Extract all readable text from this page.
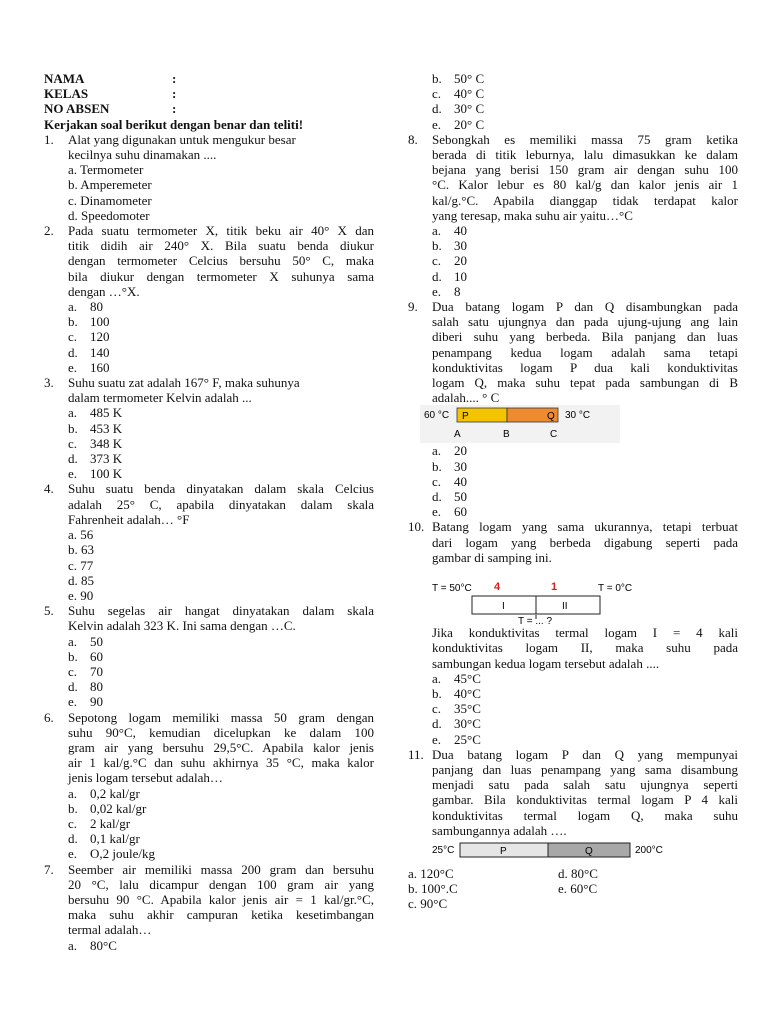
NAMA	:
KELAS	:
NO ABSEN	:
Kerjakan soal berikut dengan benar dan teliti!
1. Alat yang digunakan untuk mengukur besar
kecilnya suhu dinamakan ....
a. Termometer
b. Amperemeter
c. Dinamometer
d. Speedomoter
2. Pada suatu termometer X, titik beku air 40° X dan
titik didih air 240° X. Bila suatu benda diukur
dengan termometer Celcius bersuhu 50° C, maka
bila diukur dengan termometer X suhunya sama
dengan …°X.
a. 80
b. 100
c. 120
d. 140
e. 160
3. Suhu suatu zat adalah 167° F, maka suhunya
dalam termometer Kelvin adalah ...
a. 485 K
b. 453 K
c. 348 K
d. 373 K
e. 100 K
4. Suhu suatu benda dinyatakan dalam skala Celcius
adalah 25° C, apabila dinyatakan dalam skala
Fahrenheit adalah… °F
a. 56
b. 63
c. 77
d. 85
e. 90
5. Suhu segelas air hangat dinyatakan dalam skala
Kelvin adalah 323 K. Ini sama dengan …C.
a. 50
b. 60
c. 70
d. 80
e. 90
6. Sepotong logam memiliki massa 50 gram dengan
suhu 90°C, kemudian dicelupkan ke dalam 100
gram air yang bersuhu 29,5°C. Apabila kalor jenis
air 1 kal/g.°C dan suhu akhirnya 35 °C, maka kalor
jenis logam tersebut adalah…
a. 0,2 kal/gr
b. 0,02 kal/gr
c. 2 kal/gr
d. 0,1 kal/gr
e. O,2 joule/kg
7. Seember air memiliki massa 200 gram dan bersuhu
20 °C, lalu dicampur dengan 100 gram air yang
bersuhu 90 °C. Apabila kalor jenis air = 1 kal/gr.°C,
maka suhu akhir campuran ketika kesetimbangan
termal adalah…
a. 80°C
b. 50° C
c. 40° C
d. 30° C
e. 20° C
8. Sebongkah es memiliki massa 75 gram ketika
berada di titik leburnya, lalu dimasukkan ke dalam
bejana yang berisi 150 gram air dengan suhu 100
°C. Kalor lebur es 80 kal/g dan kalor jenis air 1
kal/g.°C. Apabila dianggap tidak terdapat kalor
yang teresap, maka suhu air yaitu…°C
a. 40
b. 30
c. 20
d. 10
e. 8
9. Dua batang logam P dan Q disambungkan pada
salah satu ujungnya dan pada ujung-ujung ang lain
diberi suhu yang berbeda. Bila panjang dan luas
penampang kedua logam adalah sama tetapi
konduktivitas logam P dua kali konduktivitas
logam Q, maka suhu tepat pada sambungan di B
adalah.... ° C
60 °C P	Q 30 °C
A	B	C
a. 20
b. 30
c. 40
d. 50
e. 60
10. Batang logam yang sama ukurannya, tetapi terbuat
dari logam yang berbeda digabung seperti pada
gambar di samping ini.
T = 50°C 4	1	T = 0°C
I	II
T = ... ?
Jika konduktivitas termal logam I = 4 kali
konduktivitas logam II, maka suhu pada
sambungan kedua logam tersebut adalah ....
a. 45°C
b. 40°C
c. 35°C
d. 30°C
e. 25°C
11. Dua batang logam P dan Q yang mempunyai
panjang dan luas penampang yang sama disambung
menjadi satu pada salah satu ujungnya seperti
gambar. Bila konduktivitas termal logam P 4 kali
konduktivitas termal logam Q, maka suhu
sambungannya adalah ….
25°C	P	Q	200°C
a. 120°C
b. 100°.C
c. 90°C
d. 80°C
e. 60°C
